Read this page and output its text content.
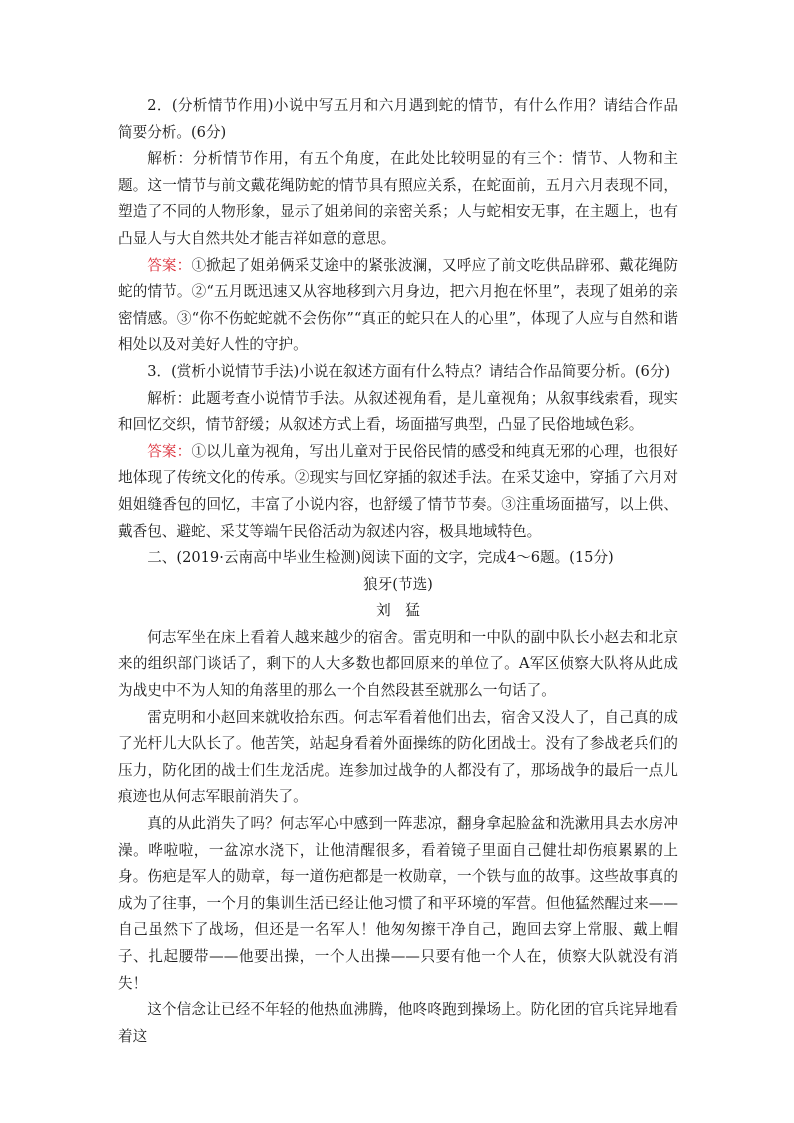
2．(分析情节作用)小说中写五月和六月遇到蛇的情节，有什么作用？请结合作品简要分析。(6分)

解析：分析情节作用，有五个角度，在此处比较明显的有三个：情节、人物和主题。这一情节与前文戴花绳防蛇的情节具有照应关系，在蛇面前，五月六月表现不同，塑造了不同的人物形象，显示了姐弟间的亲密关系；人与蛇相安无事，在主题上，也有凸显人与大自然共处才能吉祥如意的意思。

答案：①掀起了姐弟俩采艾途中的紧张波澜，又呼应了前文吃供品辟邪、戴花绳防蛇的情节。②“五月既迅速又从容地移到六月身边，把六月抱在怀里”，表现了姐弟的亲密情感。③“你不伤蛇蛇就不会伤你”“真正的蛇只在人的心里”，体现了人应与自然和谐相处以及对美好人性的守护。

3．(赏析小说情节手法)小说在叙述方面有什么特点？请结合作品简要分析。(6分)

解析：此题考查小说情节手法。从叙述视角看，是儿童视角；从叙事线索看，现实和回忆交织，情节舒缓；从叙述方式上看，场面描写典型，凸显了民俗地域色彩。

答案：①以儿童为视角，写出儿童对于民俗民情的感受和纯真无邪的心理，也很好地体现了传统文化的传承。②现实与回忆穿插的叙述手法。在采艾途中，穿插了六月对姐姐缝香包的回忆，丰富了小说内容，也舒缓了情节节奏。③注重场面描写，以上供、戴香包、避蛇、采艾等端午民俗活动为叙述内容，极具地域特色。

二、(2019·云南高中毕业生检测)阅读下面的文字，完成4～6题。(15分)

狼牙(节选)

刘　猛

何志军坐在床上看着人越来越少的宿舍。雷克明和一中队的副中队长小赵去和北京来的组织部门谈话了，剩下的人大多数也都回原来的单位了。A军区侦察大队将从此成为战史中不为人知的角落里的那么一个自然段甚至就那么一句话了。

雷克明和小赵回来就收拾东西。何志军看着他们出去，宿舍又没人了，自己真的成了光杆儿大队长了。他苦笑，站起身看着外面操练的防化团战士。没有了参战老兵们的压力，防化团的战士们生龙活虎。连参加过战争的人都没有了，那场战争的最后一点儿痕迹也从何志军眼前消失了。

真的从此消失了吗？何志军心中感到一阵悲凉，翻身拿起脸盆和洗漱用具去水房冲澡。哗啦啦，一盆凉水浇下，让他清醒很多，看着镜子里面自己健壮却伤痕累累的上身。伤疤是军人的勋章，每一道伤疤都是一枚勋章，一个铁与血的故事。这些故事真的成为了往事，一个月的集训生活已经让他习惯了和平环境的军营。但他猛然醒过来——自己虽然下了战场，但还是一名军人！他匆匆擦干净自己，跑回去穿上常服、戴上帽子、扎起腰带——他要出操，一个人出操——只要有他一个人在，侦察大队就没有消失！

这个信念让已经不年轻的他热血沸腾，他咚咚跑到操场上。防化团的官兵诧异地看着这
